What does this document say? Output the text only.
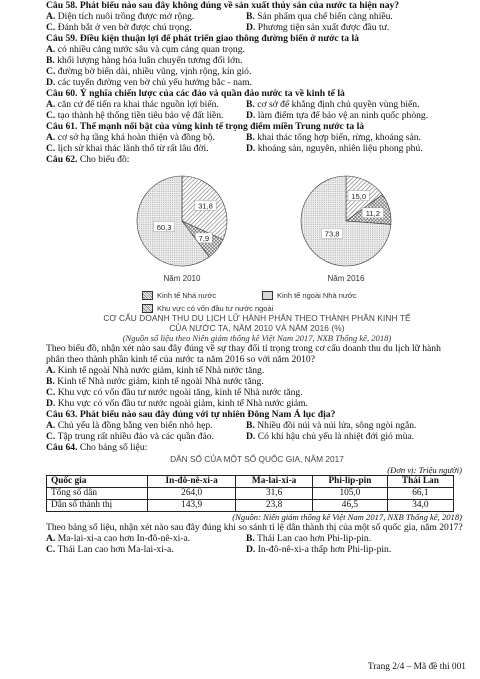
Câu 58. Phát biểu nào sau đây không đúng về sản xuất thủy sản của nước ta hiện nay?
A. Diện tích nuôi trồng được mở rộng.	B. Sản phẩm qua chế biến càng nhiều.
C. Đánh bắt ở ven bờ được chú trọng.	D. Phương tiện sản xuất được đầu tư.
Câu 59. Điều kiện thuận lợi để phát triển giao thông đường biển ở nước ta là
A. có nhiều cảng nước sâu và cụm cảng quan trọng.
B. khối lượng hàng hóa luân chuyển tương đối lớn.
C. đường bờ biển dài, nhiều vũng, vịnh rộng, kín gió.
D. các tuyến đường ven bờ chủ yếu hướng bắc - nam.
Câu 60. Ý nghĩa chiến lược của các đảo và quần đảo nước ta về kinh tế là
A. căn cứ để tiến ra khai thác nguồn lợi biển.	B. cơ sở để khẳng định chủ quyền vùng biển.
C. tạo thành hệ thống tiền tiêu bảo vệ đất liền.	D. làm điểm tựa để bảo vệ an ninh quốc phòng.
Câu 61. Thế mạnh nổi bật của vùng kinh tế trọng điểm miền Trung nước ta là
A. cơ sở hạ tầng khá hoàn thiện và đồng bộ.	B. khai thác tổng hợp biển, rừng, khoáng sản.
C. lịch sử khai thác lãnh thổ từ rất lâu đời.	D. khoáng sản, nguyên, nhiên liệu phong phú.
Câu 62. Cho biểu đồ:
31,8
7,9
60,3
Năm 2010
15,0
11,2
73,8
Năm 2016
Kinh tế Nhà nước	Kinh tế ngoài Nhà nước
Khu vực có vốn đầu tư nước ngoài
CƠ CẤU DOANH THU DU LỊCH LỮ HÀNH PHÂN THEO THÀNH PHẦN KINH TẾ
CỦA NƯỚC TA, NĂM 2010 VÀ NĂM 2016 (%)
(Nguồn số liệu theo Niên giám thống kê Việt Nam 2017, NXB Thống kê, 2018)
Theo biểu đồ, nhận xét nào sau đây đúng về sự thay đổi tỉ trọng trong cơ cấu doanh thu du lịch lữ hành
phân theo thành phần kinh tế của nước ta năm 2016 so với năm 2010?
A. Kinh tế ngoài Nhà nước giảm, kinh tế Nhà nước tăng.
B. Kinh tế Nhà nước giảm, kinh tế ngoài Nhà nước tăng.
C. Khu vực có vốn đầu tư nước ngoài tăng, kinh tế Nhà nước tăng.
D. Khu vực có vốn đầu tư nước ngoài giảm, kinh tế Nhà nước giảm.
Câu 63. Phát biểu nào sau đây đúng với tự nhiên Đông Nam Á lục địa?
A. Chủ yếu là đồng bằng ven biển nhỏ hẹp.	B. Nhiều đồi núi và núi lửa, sông ngòi ngắn.
C. Tập trung rất nhiều đảo và các quần đảo.	D. Có khí hậu chủ yếu là nhiệt đới gió mùa.
Câu 64. Cho bảng số liệu:
DÂN SỐ CỦA MỘT SỐ QUỐC GIA, NĂM 2017
(Đơn vị: Triệu người)
Quốc gia	In-đô-nê-xi-a	Ma-lai-xi-a	Phi-lip-pin	Thái Lan
Tổng số dân	264,0	31,6	105,0	66,1
Dân số thành thị	143,9	23,8	46,5	34,0
(Nguồn: Niên giám thống kê Việt Nam 2017, NXB Thống kê, 2018)
Theo bảng số liệu, nhận xét nào sau đây đúng khi so sánh tỉ lệ dân thành thị của một số quốc gia, năm 2017?
A. Ma-lai-xi-a cao hơn In-đô-nê-xi-a.	B. Thái Lan cao hơn Phi-lip-pin.
C. Thái Lan cao hơn Ma-lai-xi-a.	D. In-đô-nê-xi-a thấp hơn Phi-lip-pin.
Trang 2/4 – Mã đề thi 001
